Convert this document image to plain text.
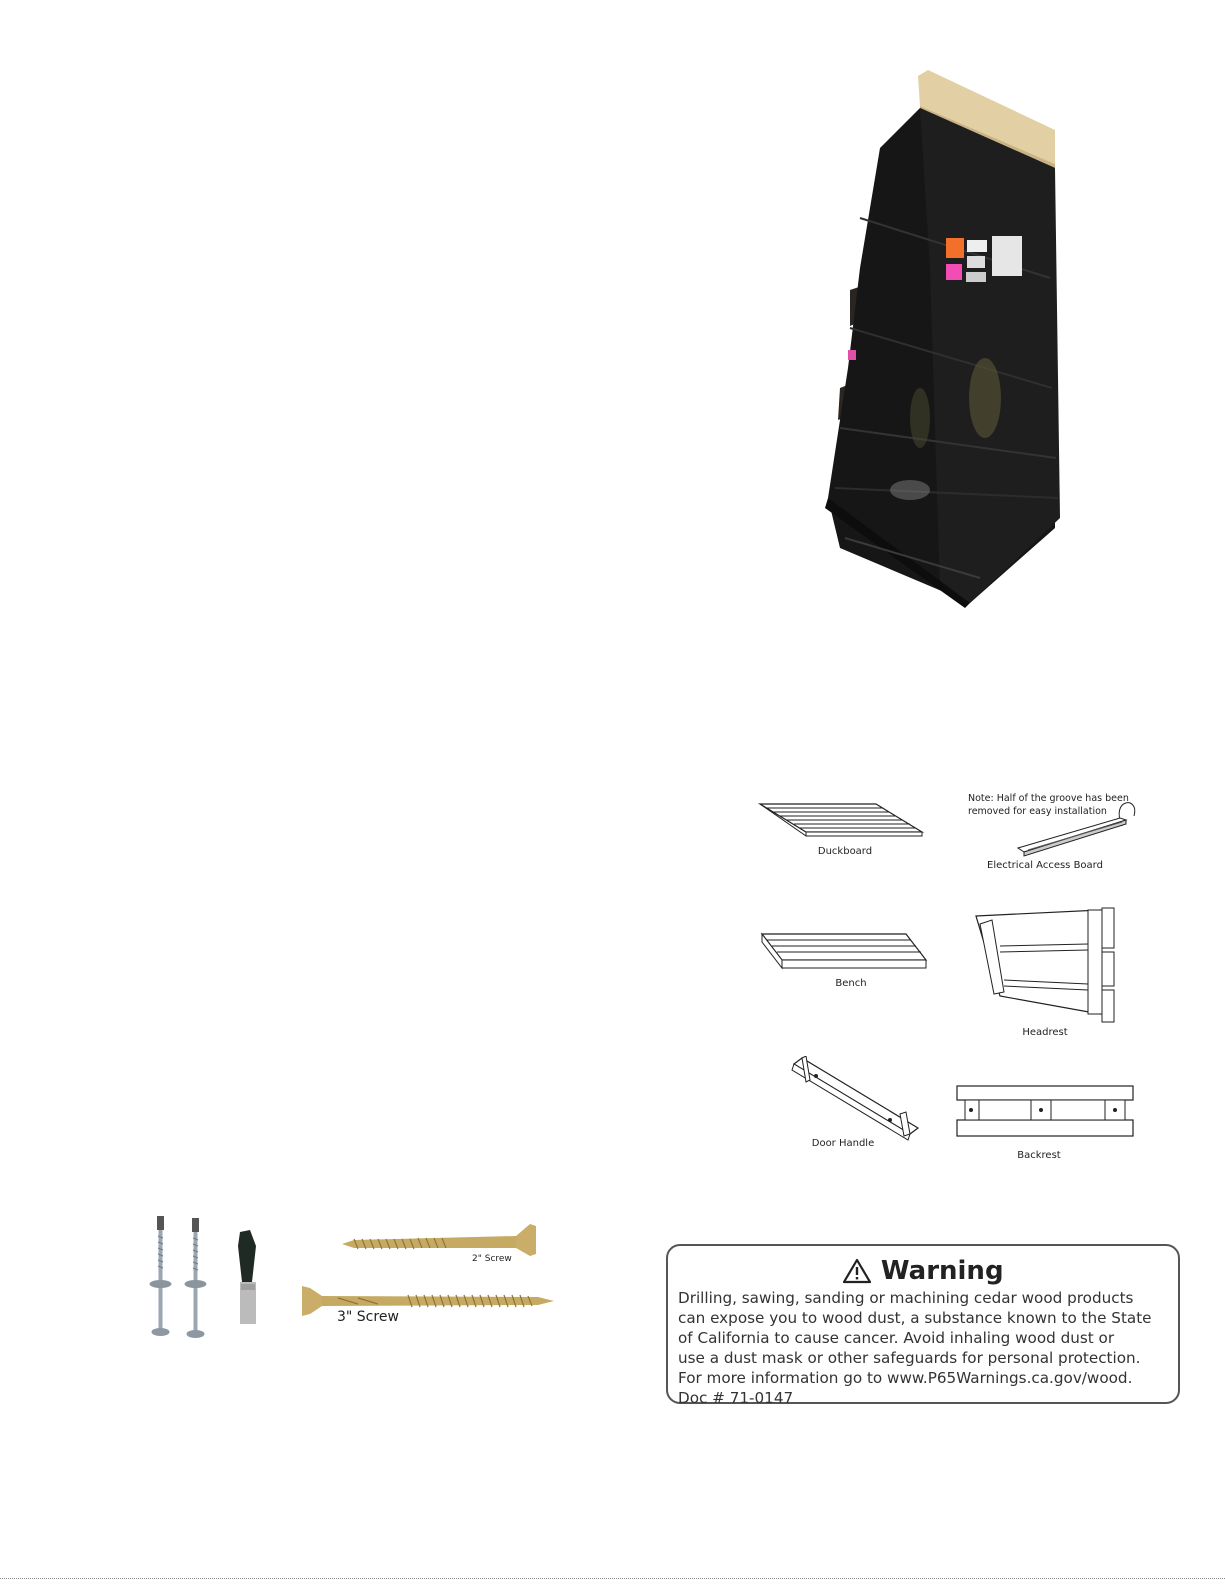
Duckboard
Note: Half of the groove has been
removed for easy installation
Electrical Access Board
Bench
Headrest
Door Handle
Backrest
2" Screw
3" Screw
Warning
Drilling, sawing, sanding or machining cedar wood products
can expose you to wood dust, a substance known to the State
of California to cause cancer. Avoid inhaling wood dust or
use a dust mask or other safeguards for personal protection.
For more information go to www.P65Warnings.ca.gov/wood.
Doc # 71-0147
